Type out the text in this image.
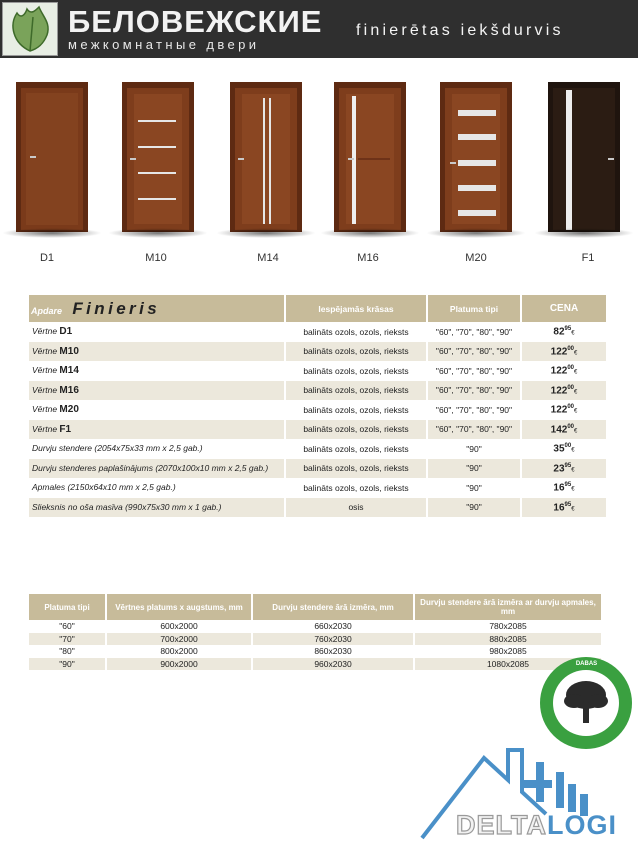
БЕЛОВЕЖСКИЕ
межкомнатные двери
finierētas iekšdurvis
D1	M10	M14	M16	M20	F1
Apdare Finieris	Iespējamās krāsas	Platuma tipi	CENA
Vērtne D1	balināts ozols, ozols, rieksts	"60", "70", "80", "90"	$82^{95}€$
Vērtne M10	balināts ozols, ozols, rieksts	"60", "70", "80", "90"	$122^{00}€$
Vērtne M14	balināts ozols, ozols, rieksts	"60", "70", "80", "90"	$122^{00}€$
Vērtne M16	balināts ozols, ozols, rieksts	"60", "70", "80", "90"	$122^{00}€$
Vērtne M20	balināts ozols, ozols, rieksts	"60", "70", "80", "90"	$122^{00}€$
Vērtne F1	balināts ozols, ozols, rieksts	"60", "70", "80", "90"	$142^{00}€$
Durvju stendere (2054x75x33 mm x 2,5 gab.)	balināts ozols, ozols, rieksts	"90"	$35^{00}€$
Durvju stenderes paplašinājums (2070x100x10 mm x 2,5 gab.)	balināts ozols, ozols, rieksts	"90"	$23^{95}€$
Apmales (2150x64x10 mm x 2,5 gab.)	balināts ozols, ozols, rieksts	"90"	$16^{95}€$
Slieksnis no oša masīva (990x75x30 mm x 1 gab.)	osis	"90"	$16^{95}€$
Platuma tipi	Vērtnes platums x augstums, mm	Durvju stendere ārā izmēra, mm	Durvju stendere ārā izmēra ar durvju apmales, mm
"60"	600x2000	660x2030	780x2085
"70"	700x2000	760x2030	880x2085
"80"	800x2000	860x2030	980x2085
"90"	900x2000	960x2030	1080x2085	DABAS
DELTALOGI
